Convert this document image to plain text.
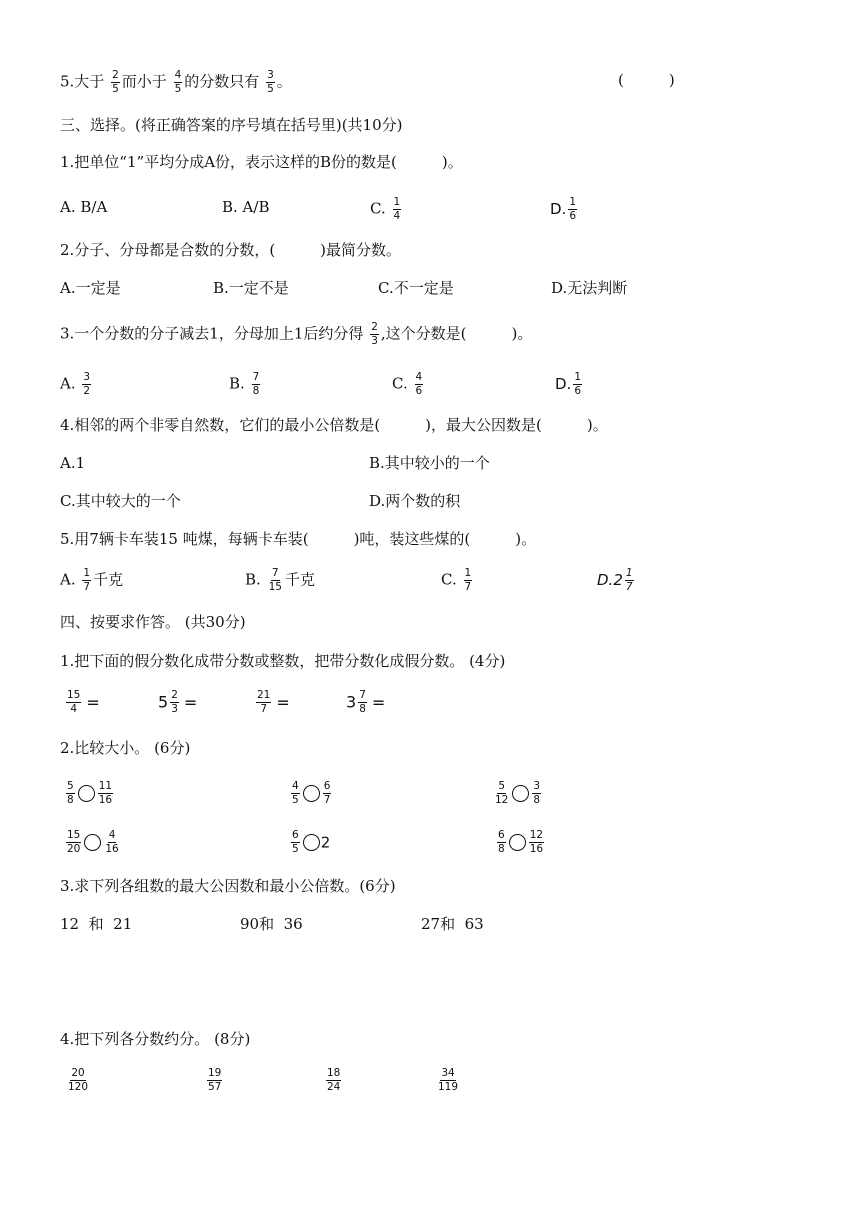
5.大于 $\frac{2}{5}$ 而小于 $\frac{4}{5}$ 的分数只有 $\frac{3}{5}$ 。	(　　　)
三、选择。(将正确答案的序号填在括号里)(共10分)
1.把单位“1”平均分成A份，表示这样的B份的数是(　　　)。
A. B/A	B. A/B	C. $\frac{1}{4}$	D. $\frac{1}{6}$
2.分子、分母都是合数的分数，(　　　)最简分数。
A.一定是	B.一定不是	C.不一定是	D.无法判断
3.一个分数的分子减去1，分母加上1后约分得 $\frac{2}{3}$ ,这个分数是(　　　)。
A. $\frac{3}{2}$	B. $\frac{7}{8}$	C. $\frac{4}{6}$	D. $\frac{1}{6}$
4.相邻的两个非零自然数，它们的最小公倍数是(　　　)，最大公因数是(　　　)。
A.1	B.其中较小的一个
C.其中较大的一个	D.两个数的积
5.用7辆卡车装15 吨煤，每辆卡车装(　　　)吨，装这些煤的(　　　)。
A. $\frac{1}{7}$ 千克	B. $\frac{7}{15}$ 千克	C. $\frac{1}{7}$	$D.2 \frac{1}{7}$
四、按要求作答。 (共30分)
1.把下面的假分数化成带分数或整数，把带分数化成假分数。 (4分)
$\frac{15}{4}$ =	$5 \frac{2}{3}$ =	$\frac{21}{7}$ =	$3 \frac{7}{8}$ =
2.比较大小。 (6分)
$\frac{5}{8} \frac{11}{16}$	$\frac{4}{5} \frac{6}{7}$	$\frac{5}{12} \frac{3}{8}$
$\frac{15}{20} \frac{4}{16}$	$\frac{6}{5} 2$	$\frac{6}{8} \frac{12}{16}$
3.求下列各组数的最大公因数和最小公倍数。(6分)
12  和  21	90和  36	27和  63
4.把下列各分数约分。 (8分)
$\frac{20}{120}$	$\frac{19}{57}$	$\frac{18}{24}$	$\frac{34}{119}$
